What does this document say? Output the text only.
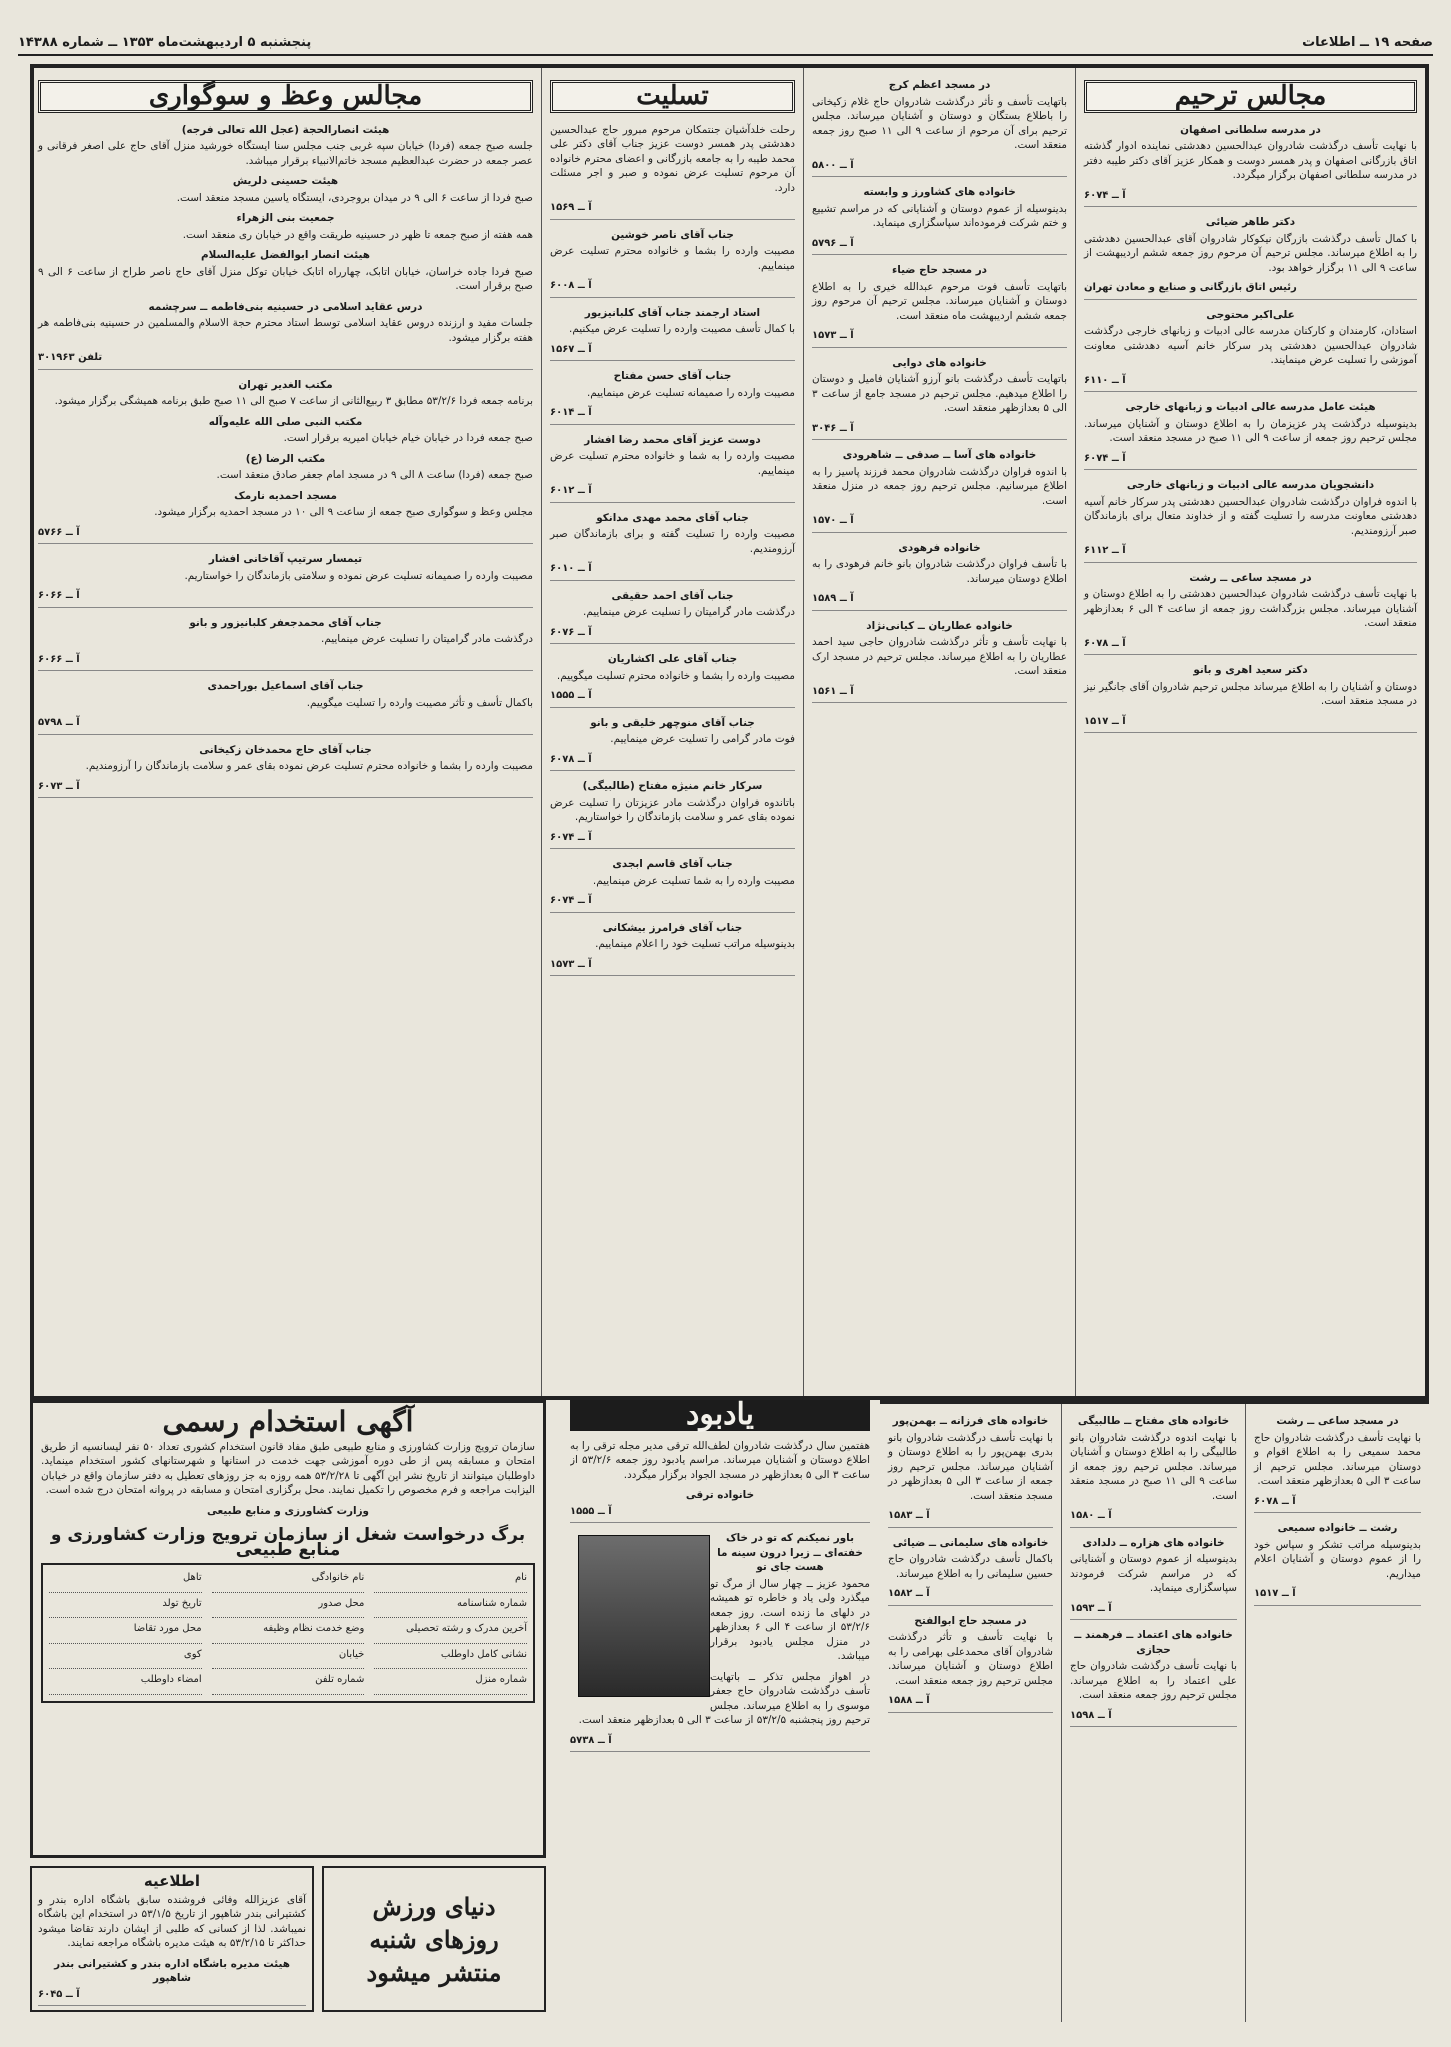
صفحه ۱۹ ــ اطلاعات
پنجشنبه ۵ اردیبهشت‌ماه ۱۳۵۳ ــ شماره ۱۴۳۸۸
مجالس ترحیم
در مدرسه سلطانی اصفهان
با نهایت تأسف درگذشت شادروان عبدالحسین دهدشتی نماینده ادوار گذشته اتاق بازرگانی اصفهان و پدر همسر دوست و همکار عزیز آقای دکتر طیبه دفتر در مدرسه سلطانی اصفهان برگزار میگردد.
آ ــ ۶۰۷۴
دکتر طاهر ضیائی
با کمال تأسف درگذشت بازرگان نیکوکار شادروان آقای عبدالحسین دهدشتی را به اطلاع میرساند. مجلس ترحیم آن مرحوم روز جمعه ششم اردیبهشت از ساعت ۹ الی ۱۱ برگزار خواهد بود.
رئیس اتاق بازرگانی و صنایع و معادن تهران
علی‌اکبر محتوجی
استادان، کارمندان و کارکنان مدرسه عالی ادبیات و زبانهای خارجی درگذشت شادروان عبدالحسین دهدشتی پدر سرکار خانم آسیه دهدشتی معاونت آموزشی را تسلیت عرض مینمایند.
آ ــ ۶۱۱۰
هیئت عامل مدرسه عالی ادبیات و زبانهای خارجی
بدینوسیله درگذشت پدر عزیزمان را به اطلاع دوستان و آشنایان میرساند. مجلس ترحیم روز جمعه از ساعت ۹ الی ۱۱ صبح در مسجد منعقد است.
آ ــ ۶۰۷۴
دانشجویان مدرسه عالی ادبیات و زبانهای خارجی
با اندوه فراوان درگذشت شادروان عبدالحسین دهدشتی پدر سرکار خانم آسیه دهدشتی معاونت مدرسه را تسلیت گفته و از خداوند متعال برای بازماندگان صبر آرزومندیم.
آ ــ ۶۱۱۲
در مسجد ساعی‌ ــ رشت
با نهایت تأسف درگذشت شادروان عبدالحسین دهدشتی را به اطلاع دوستان و آشنایان میرساند. مجلس بزرگداشت روز جمعه از ساعت ۴ الی ۶ بعدازظهر منعقد است.
آ ــ ۶۰۷۸
دکتر سعید اهری و بانو
دوستان و آشنایان را به اطلاع میرساند مجلس ترحیم شادروان آقای جانگیر نیز در مسجد منعقد است.
آ ــ ۱۵۱۷
در مسجد اعظم کرج
باتهایت تأسف و تأثر درگذشت شادروان حاج غلام زکیخانی را باطلاع بستگان و دوستان و آشنایان میرساند. مجلس ترحیم برای آن مرحوم از ساعت ۹ الی ۱۱ صبح روز جمعه منعقد است.
آ ــ ۵۸۰۰
خانواده های کشاورز و وابسته
بدینوسیله از عموم دوستان و آشنایانی که در مراسم تشییع و ختم شرکت فرموده‌اند سپاسگزاری مینماید.
آ ــ ۵۷۹۶
در مسجد حاج ضیاء
باتهایت تأسف فوت مرحوم عبدالله خیری را به اطلاع دوستان و آشنایان میرساند. مجلس ترحیم آن مرحوم روز جمعه ششم اردیبهشت ماه منعقد است.
آ ــ ۱۵۷۳
خانواده های دوایی
باتهایت تأسف درگذشت بانو آرزو آشنایان فامیل و دوستان را اطلاع میدهیم. مجلس ترحیم در مسجد جامع از ساعت ۳ الی ۵ بعدازظهر منعقد است.
آ ــ ۳۰۴۶
خانواده های آسا ــ صدقی ــ شاهرودی
با اندوه فراوان درگذشت شادروان محمد فرزند پاسیز را به اطلاع میرسانیم. مجلس ترحیم روز جمعه در منزل منعقد است.
آ ــ ۱۵۷۰
خانواده‌ فرهودی
با تأسف فراوان درگذشت شادروان بانو خانم فرهودی را به اطلاع دوستان میرساند.
آ ــ ۱۵۸۹
خانواده عطاریان ــ کیانی‌نژاد
با نهایت تأسف و تأثر درگذشت شادروان حاجی سید احمد عطاریان را به اطلاع میرساند. مجلس ترحیم در مسجد ارک منعقد است.
آ ــ ۱۵۶۱
تسلیت
رحلت خلدآشیان جنتمکان مرحوم مبرور حاج عبدالحسین دهدشتی پدر همسر دوست عزیز جناب آقای دکتر علی محمد طیبه را به جامعه بازرگانی و اعضای محترم خانواده آن مرحوم تسلیت عرض نموده و صبر و اجر مسئلت دارد.
آ ــ ۱۵۶۹
جناب آقای ناصر خوشین
مصیبت وارده را بشما و خانواده محترم تسلیت عرض مینماییم.
آ ــ ۶۰۰۸
استاد ارجمند جناب آقای کلبانیزیور
با کمال تأسف مصیبت وارده را تسلیت عرض میکنیم.
آ ــ ۱۵۶۷
جناب آقای حسن مفتاح
مصیبت وارده را صمیمانه تسلیت عرض مینماییم.
آ ــ ۶۰۱۴
دوست عزیز آقای محمد رضا افشار
مصیبت وارده را به شما و خانواده محترم تسلیت عرض مینماییم.
آ ــ ۶۰۱۲
جناب آقای محمد مهدی مدانکو
مصیبت وارده را تسلیت گفته و برای بازماندگان صبر آرزومندیم.
آ ــ ۶۰۱۰
جناب آقای احمد حقیقی
درگذشت مادر گرامیتان را تسلیت عرض مینماییم.
آ ــ ۶۰۷۶
جناب آقای علی اکشاریان
مصیبت وارده را بشما و خانواده محترم تسلیت میگوییم.
آ ــ ۱۵۵۵
جناب آقای منوچهر خلیقی و بانو
فوت مادر گرامی را تسلیت عرض مینماییم.
آ ــ ۶۰۷۸
سرکار خانم منیژه مفتاح (طالبیگی)
باتاندوه فراوان درگذشت مادر عزیزتان را تسلیت عرض نموده بقای عمر و سلامت بازماندگان را خواستاریم.
آ ــ ۶۰۷۴
جناب آقای قاسم ابجدی
مصیبت وارده را به شما تسلیت عرض مینماییم.
آ ــ ۶۰۷۴
جناب آقای فرامرز بیشکانی
بدینوسیله مراتب تسلیت خود را اعلام مینماییم.
آ ــ ۱۵۷۳
مجالس وعظ و سوگواری
هیئت انصارالحجة (عجل الله تعالی فرجه)
جلسه صبح جمعه (فردا) خیابان سپه غربی جنب مجلس سنا ایستگاه خورشید منزل آقای حاج علی اصغر فرقانی و عصر جمعه در حضرت عبدالعظیم مسجد خاتم‌الانبیاء برقرار میباشد.
هیئت حسینی دلریش
صبح فردا از ساعت ۶ الی ۹ در میدان بروجردی، ایستگاه یاسین مسجد منعقد است.
جمعیت بنی الزهراء
همه هفته از صبح جمعه تا ظهر در حسینیه طریقت واقع در خیابان ری منعقد است.
هیئت انصار ابوالفضل علیه‌السلام
صبح فردا جاده خراسان، خیابان اتابک، چهارراه اتابک خیابان توکل منزل آقای حاج ناصر طراح از ساعت ۶ الی ۹ صبح برقرار است.
درس عقاید اسلامی در حسینیه بنی‌فاطمه ــ سرچشمه
جلسات مفید و ارزنده دروس عقاید اسلامی توسط استاد محترم حجة الاسلام والمسلمین در حسینیه بنی‌فاطمه هر هفته برگزار میشود.
تلفن ۳۰۱۹۶۳
مکتب الغدیر تهران
برنامه جمعه فردا ۵۳/۲/۶ مطابق ۳ ربیع‌الثانی از ساعت ۷ صبح الی ۱۱ صبح طبق برنامه همیشگی برگزار میشود.
مکتب النبی صلی الله علیه‌وآله
صبح جمعه فردا در خیابان خیام خیابان امیریه برقرار است.
مکتب الرضا (ع)
صبح جمعه (فردا) ساعت ۸ الی ۹ در مسجد امام جعفر صادق منعقد است.
مسجد احمدیه نارمک
مجلس وعظ و سوگواری صبح جمعه از ساعت ۹ الی ۱۰ در مسجد احمدیه برگزار میشود.
آ ــ ۵۷۶۶
تیمسار سرتیپ آقاخانی افشار
مصیبت وارده را صمیمانه تسلیت عرض نموده و سلامتی بازماندگان را خواستاریم.
آ ــ ۶۰۶۶
جناب آقای محمدجعفر کلبانیزور و بانو
درگذشت مادر گرامیتان را تسلیت عرض مینماییم.
آ ــ ۶۰۶۶
جناب آقای اسماعیل بوراحمدی
باکمال تأسف و تأثر مصیبت وارده را تسلیت میگوییم.
آ ــ ۵۷۹۸
جناب آقای حاج محمدخان زکیخانی
مصیبت وارده را بشما و خانواده محترم تسلیت عرض نموده بقای عمر و سلامت بازماندگان را آرزومندیم.
آ ــ ۶۰۷۳
در مسجد ساعی ــ رشت
با نهایت تأسف درگذشت شادروان حاج محمد سمیعی را به اطلاع اقوام و دوستان میرساند. مجلس ترحیم از ساعت ۳ الی ۵ بعدازظهر منعقد است.
آ ــ ۶۰۷۸
رشت ــ خانواده سمیعی
بدینوسیله مراتب تشکر و سپاس خود را از عموم دوستان و آشنایان اعلام میداریم.
آ ــ ۱۵۱۷
خانواده های مفتاح ــ طالبیگی
با نهایت اندوه درگذشت شادروان بانو طالبیگی را به اطلاع دوستان و آشنایان میرساند. مجلس ترحیم روز جمعه از ساعت ۹ الی ۱۱ صبح در مسجد منعقد است.
آ ــ ۱۵۸۰
خانواده های هزاره ــ دلدادی
بدینوسیله از عموم دوستان و آشنایانی که در مراسم شرکت فرمودند سپاسگزاری مینماید.
آ ــ ۱۵۹۳
خانواده های اعتماد ــ فرهمند ــ حجازی
با نهایت تأسف درگذشت شادروان حاج علی اعتماد را به اطلاع میرساند. مجلس ترحیم روز جمعه منعقد است.
آ ــ ۱۵۹۸
خانواده های فرزانه ــ بهمن‌پور
با نهایت تأسف درگذشت شادروان بانو بدری بهمن‌پور را به اطلاع دوستان و آشنایان میرساند. مجلس ترحیم روز جمعه از ساعت ۳ الی ۵ بعدازظهر در مسجد منعقد است.
آ ــ ۱۵۸۳
خانواده های سلیمانی ــ ضیائی
باکمال تأسف درگذشت شادروان حاج حسین سلیمانی را به اطلاع میرساند.
آ ــ ۱۵۸۲
در مسجد حاج ابوالفتح
با نهایت تأسف و تأثر درگذشت شادروان آقای محمدعلی بهرامی را به اطلاع دوستان و آشنایان میرساند. مجلس ترحیم روز جمعه منعقد است.
آ ــ ۱۵۸۸
یادبود
هفتمین سال درگذشت شادروان لطف‌الله ترقی مدیر مجله ترقی را به اطلاع دوستان و آشنایان میرساند. مراسم یادبود روز جمعه ۵۳/۲/۶ از ساعت ۳ الی ۵ بعدازظهر در مسجد الجواد برگزار میگردد.
خانواده ترقی
آ ــ ۱۵۵۵
باور نمیکنم که تو در خاک خفته‌ای ــ زیرا درون سینه ما هست جای تو
محمود عزیز ــ چهار سال از مرگ تو میگذرد ولی یاد و خاطره تو همیشه در دلهای ما زنده است. روز جمعه ۵۳/۲/۶ از ساعت ۴ الی ۶ بعدازظهر در منزل مجلس یادبود برقرار میباشد.
در اهواز مجلس تذکر ــ باتهایت تأسف درگذشت شادروان حاج جعفر موسوی را به اطلاع میرساند. مجلس ترحیم روز پنجشنبه ۵۳/۲/۵ از ساعت ۳ الی ۵ بعدازظهر منعقد است.
آ ــ ۵۷۳۸
آگهی استخدام رسمی
سازمان ترویج وزارت کشاورزی و منابع طبیعی طبق مفاد قانون استخدام کشوری تعداد ۵۰ نفر لیسانسیه از طریق امتحان و مسابقه پس از طی دوره آموزشی جهت خدمت در استانها و شهرستانهای کشور استخدام مینماید. داوطلبان میتوانند از تاریخ نشر این آگهی تا ۵۳/۲/۲۸ همه روزه به جز روزهای تعطیل به دفتر سازمان واقع در خیابان الیزابت مراجعه و فرم مخصوص را تکمیل نمایند. محل برگزاری امتحان و مسابقه در پروانه امتحان درج شده است.
وزارت کشاورزی و منابع طبیعی
برگ درخواست شغل از سازمان ترویج وزارت کشاورزی و منابع طبیعی
نام
نام خانوادگی
تاهل
شماره شناسنامه
محل صدور
تاریخ تولد
آخرین مدرک و رشته تحصیلی
وضع خدمت نظام وظیفه
محل مورد تقاضا
نشانی کامل داوطلب
خیابان
کوی
شماره منزل
شماره تلفن
امضاء داوطلب
دنیای ورزش
روزهای شنبه
منتشر میشود
اطلاعیه
آقای عزیزالله وفائی فروشنده سابق باشگاه اداره بندر و کشتیرانی بندر شاهپور از تاریخ ۵۳/۱/۵ در استخدام این باشگاه نمیباشد. لذا از کسانی که طلبی از ایشان دارند تقاضا میشود حداکثر تا ۵۳/۲/۱۵ به هیئت مدیره باشگاه مراجعه نمایند.
هیئت مدیره باشگاه اداره بندر و کشتیرانی بندر شاهپور
آ ــ ۶۰۴۵
